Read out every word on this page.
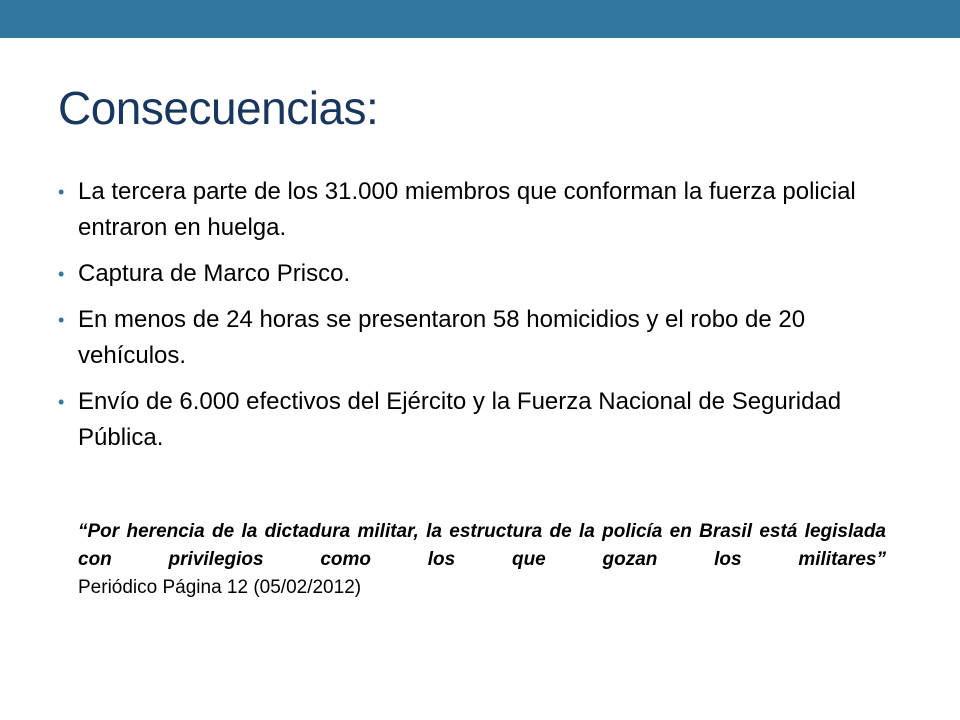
Consecuencias:
• La tercera parte de los 31.000 miembros que conforman la fuerza policial entraron en huelga.
• Captura de Marco Prisco.
• En menos de 24 horas se presentaron 58 homicidios y el robo de 20 vehículos.
• Envío de 6.000 efectivos del Ejército y la Fuerza Nacional de Seguridad Pública.

“Por herencia de la dictadura militar, la estructura de la policía en Brasil está legislada con privilegios como los que gozan los militares”

Periódico Página 12 (05/02/2012)
